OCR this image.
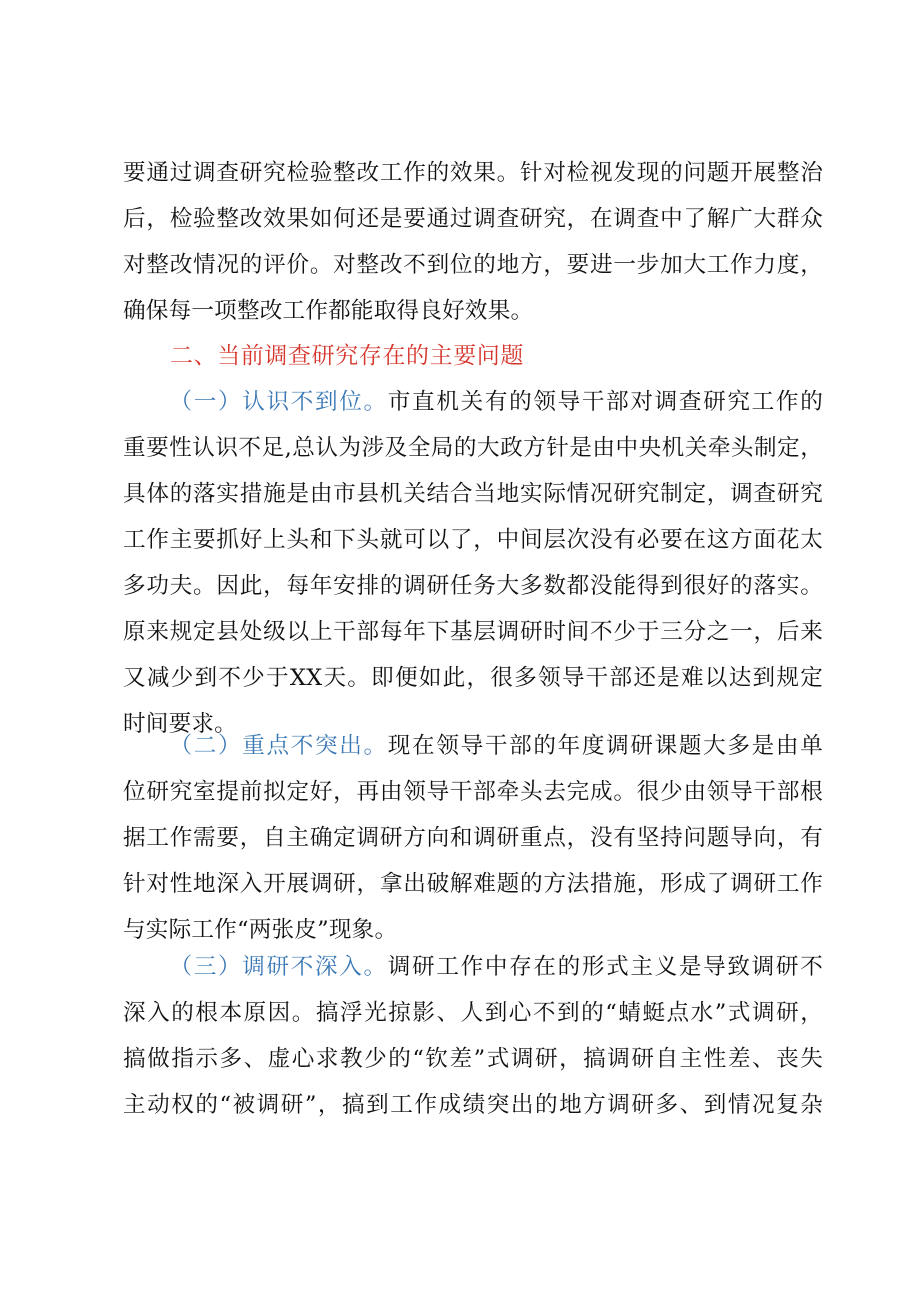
要通过调查研究检验整改工作的效果。针对检视发现的问题开展整治
后，检验整改效果如何还是要通过调查研究，在调查中了解广大群众
对整改情况的评价。对整改不到位的地方，要进一步加大工作力度，
确保每一项整改工作都能取得良好效果。
二、当前调查研究存在的主要问题
（一）认识不到位。市直机关有的领导干部对调查研究工作的
重要性认识不足,总认为涉及全局的大政方针是由中央机关牵头制定，
具体的落实措施是由市县机关结合当地实际情况研究制定，调查研究
工作主要抓好上头和下头就可以了，中间层次没有必要在这方面花太
多功夫。因此，每年安排的调研任务大多数都没能得到很好的落实。
原来规定县处级以上干部每年下基层调研时间不少于三分之一，后来
又减少到不少于XX天。即便如此，很多领导干部还是难以达到规定
时间要求。
（二）重点不突出。现在领导干部的年度调研课题大多是由单
位研究室提前拟定好，再由领导干部牵头去完成。很少由领导干部根
据工作需要，自主确定调研方向和调研重点，没有坚持问题导向，有
针对性地深入开展调研，拿出破解难题的方法措施，形成了调研工作
与实际工作“两张皮”现象。
（三）调研不深入。调研工作中存在的形式主义是导致调研不
深入的根本原因。搞浮光掠影、人到心不到的“蜻蜓点水”式调研，
搞做指示多、虚心求教少的“钦差”式调研，搞调研自主性差、丧失
主动权的“被调研”，搞到工作成绩突出的地方调研多、到情况复杂
